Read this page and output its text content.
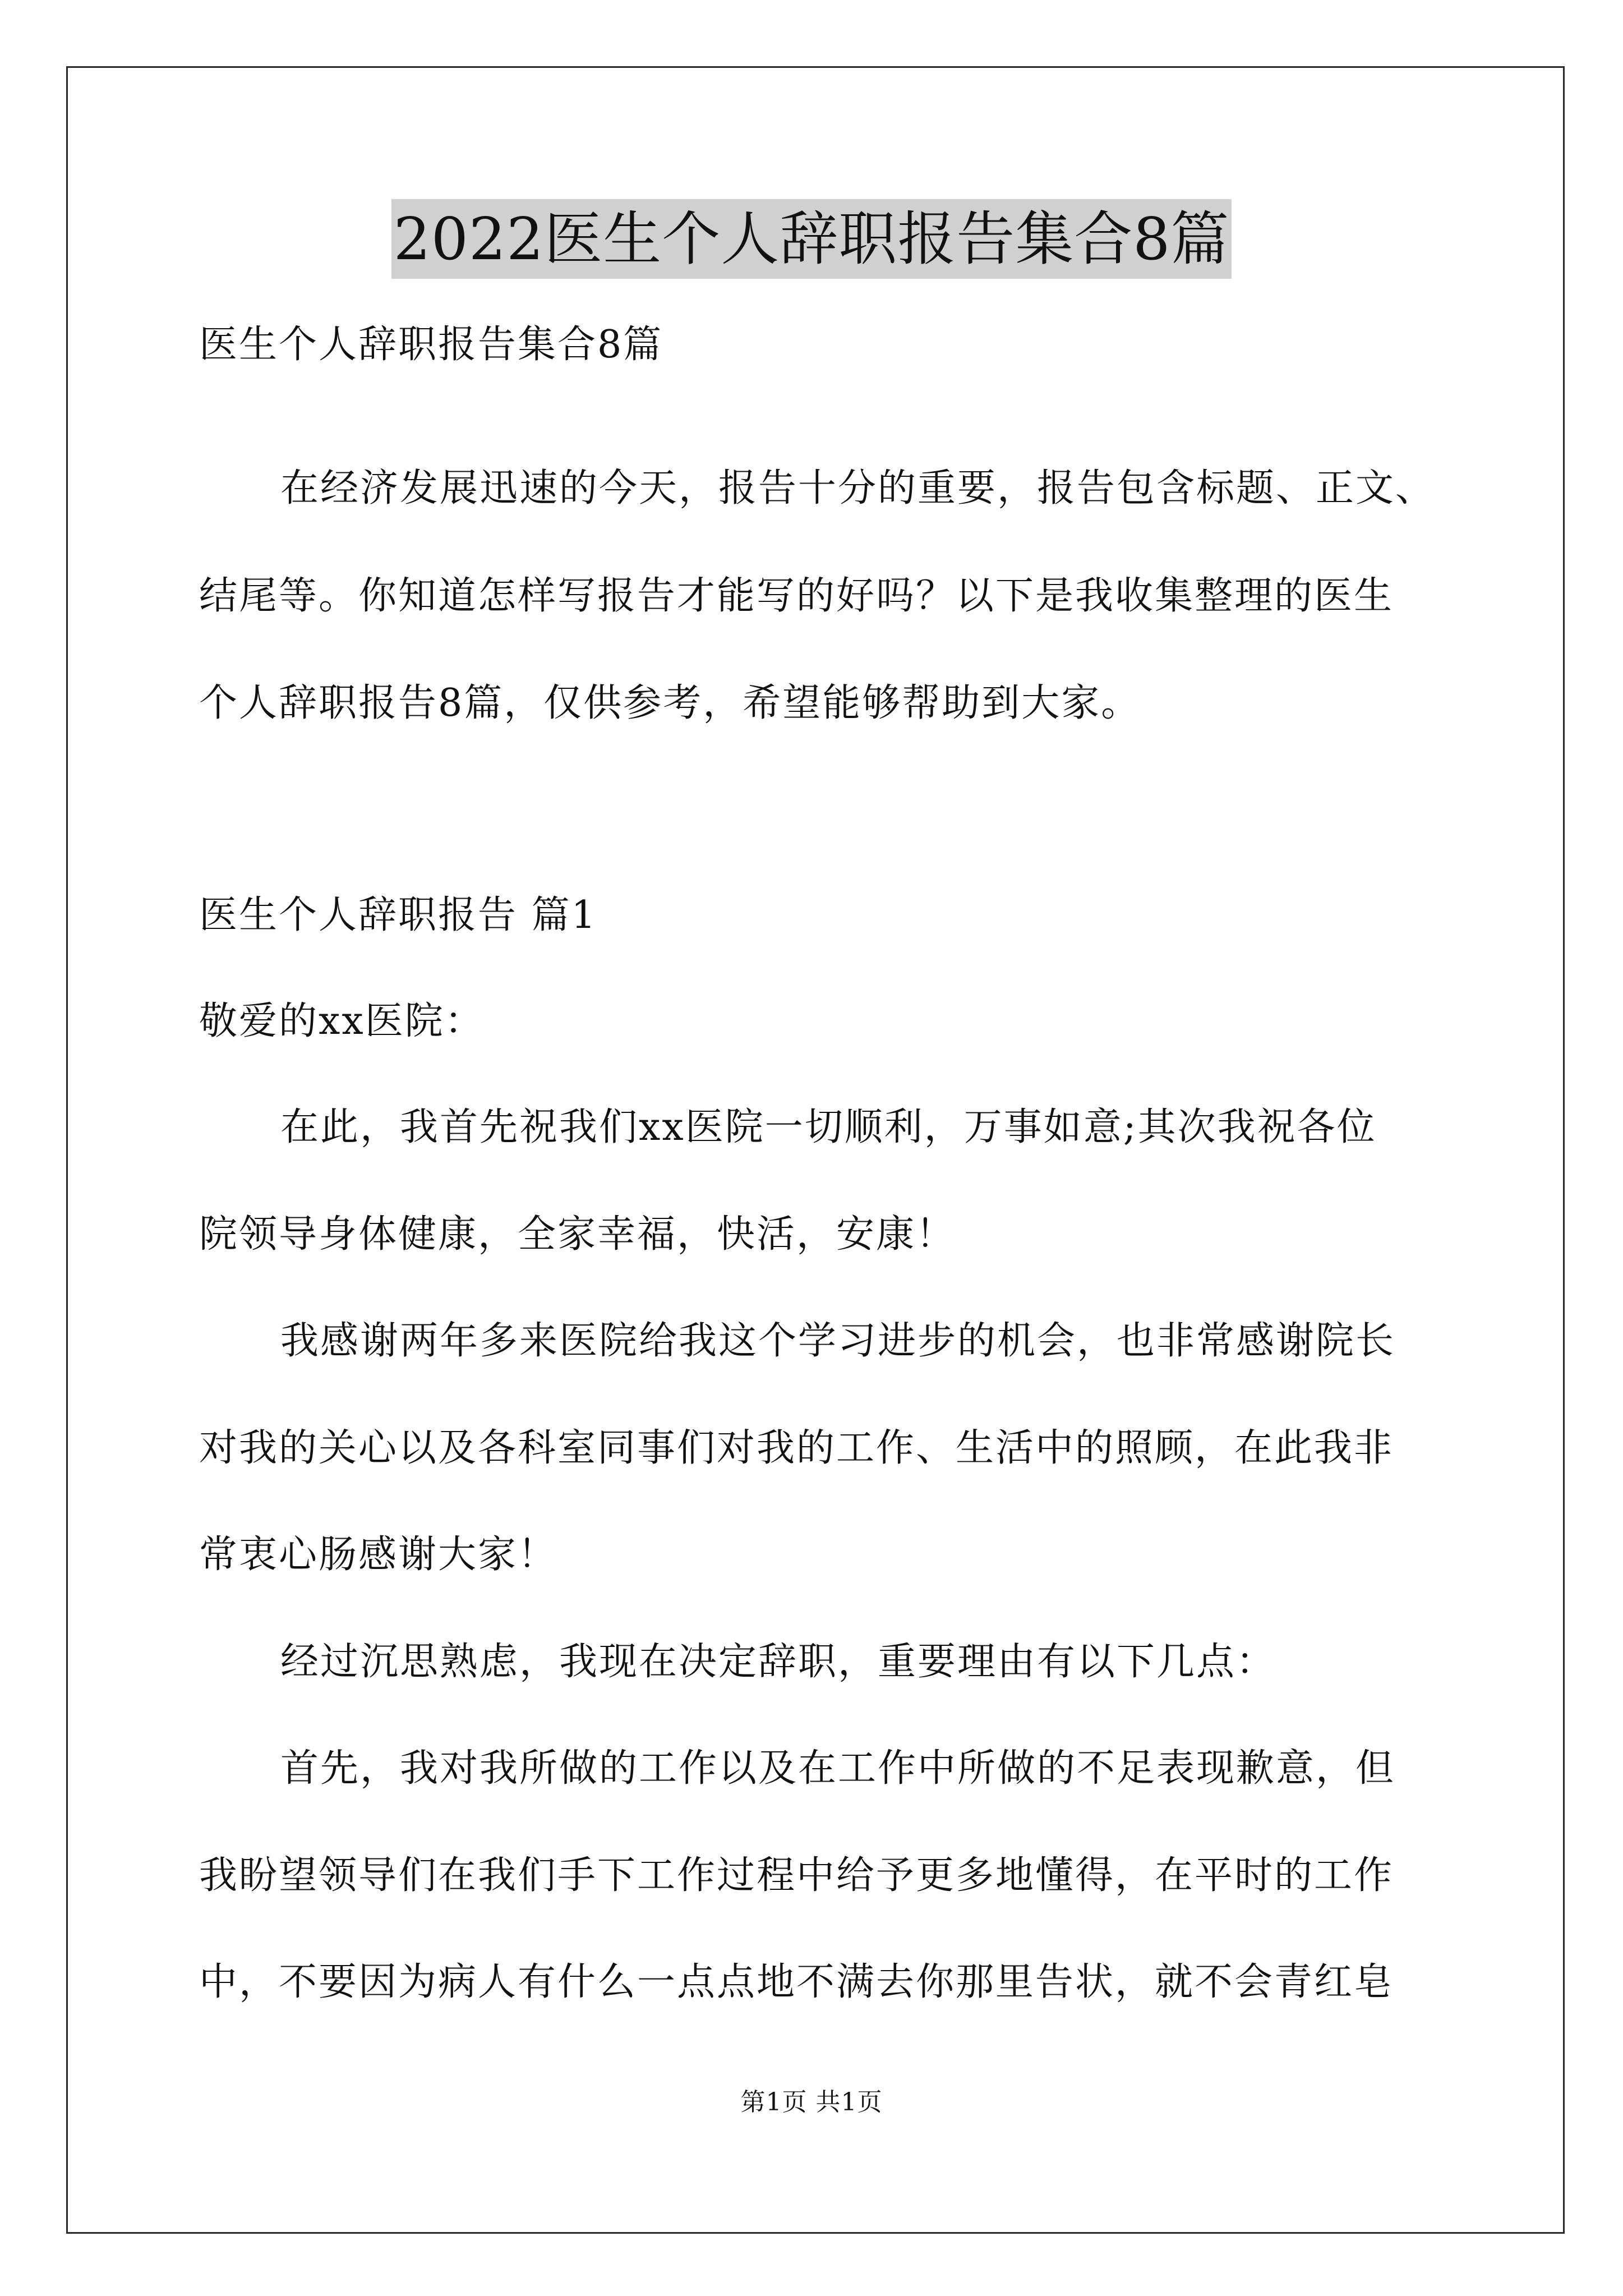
2022医生个人辞职报告集合8篇
医生个人辞职报告集合8篇
在经济发展迅速的今天，报告十分的重要，报告包含标题、正文、
结尾等。你知道怎样写报告才能写的好吗？以下是我收集整理的医生
个人辞职报告8篇，仅供参考，希望能够帮助到大家。
医生个人辞职报告 篇1
敬爱的xx医院：
在此，我首先祝我们xx医院一切顺利，万事如意;其次我祝各位
院领导身体健康，全家幸福，快活，安康！
我感谢两年多来医院给我这个学习进步的机会，也非常感谢院长
对我的关心以及各科室同事们对我的工作、生活中的照顾，在此我非
常衷心肠感谢大家！
经过沉思熟虑，我现在决定辞职，重要理由有以下几点：
首先，我对我所做的工作以及在工作中所做的不足表现歉意，但
我盼望领导们在我们手下工作过程中给予更多地懂得，在平时的工作
中，不要因为病人有什么一点点地不满去你那里告状，就不会青红皂
第1页 共1页
